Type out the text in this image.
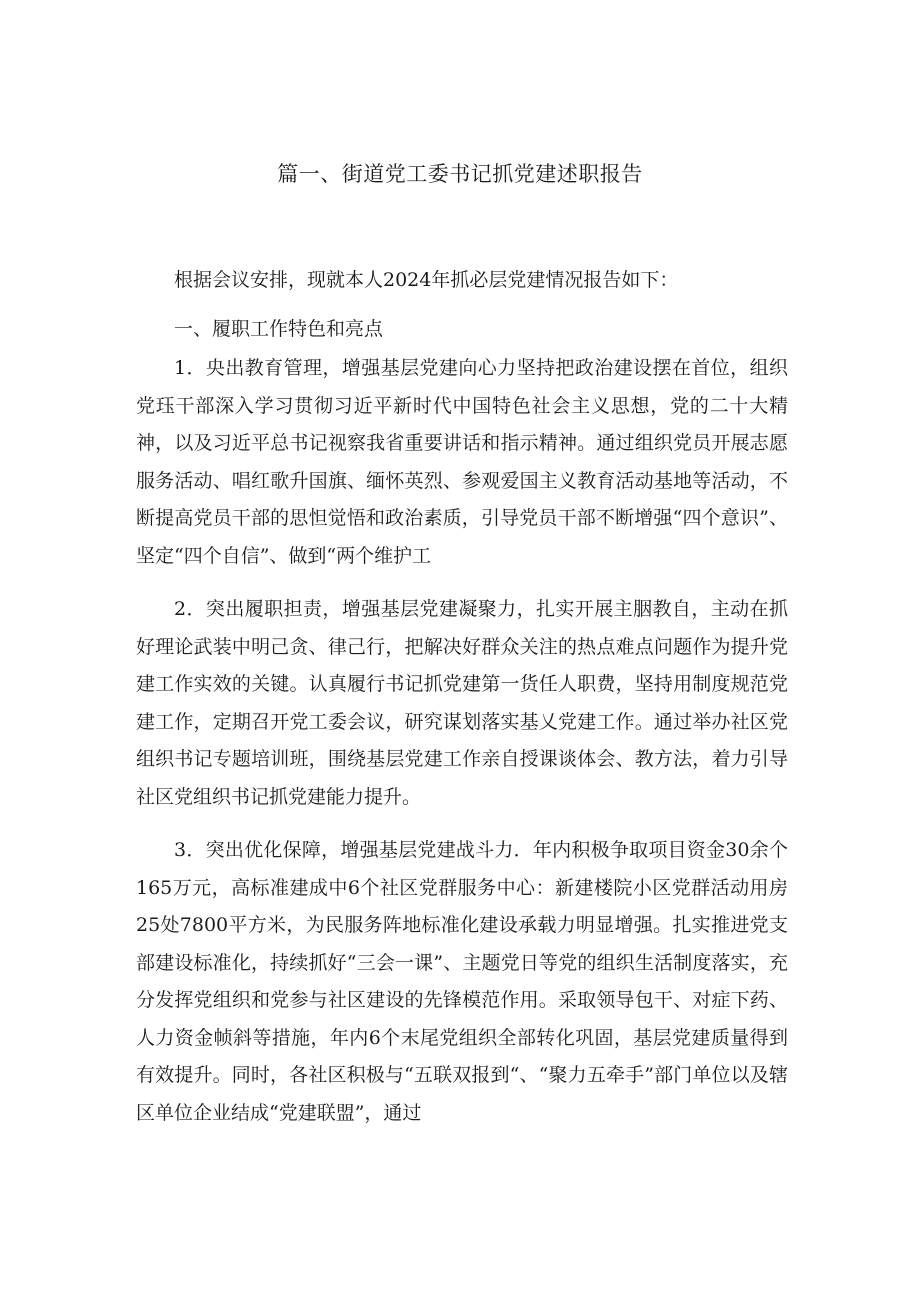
篇一、街道党工委书记抓党建述职报告

根据会议安排，现就本人2024年抓必层党建情况报告如下：

一、履职工作特色和亮点

1．央出教育管理，增强基层党建向心力坚持把政治建设摆在首位，组织党珏干部深入学习贯彻习近平新时代中国特色社会主义思想，党的二十大精神，以及习近平总书记视察我省重要讲话和指示精神。通过组织党员开展志愿服务活动、唱红歌升国旗、缅怀英烈、参观爱国主义教育活动基地等活动，不断提高党员干部的思怛觉悟和政治素质，引导党员干部不断增强“四个意识”、坚定“四个自信”、做到“两个维护工

2．突出履职担责，增强基层党建凝聚力，扎实开展主胭教自，主动在抓好理论武装中明己贪、律己行，把解决好群众关注的热点难点问题作为提升党建工作实效的关键。认真履行书记抓党建第一货任人职费，坚持用制度规范党建工作，定期召开党工委会议，研究谋划落实基乂党建工作。通过举办社区党组织书记专题培训班，围绕基层党建工作亲自授课谈体会、教方法，着力引导社区党组织书记抓党建能力提升。

3．突出优化保障，增强基层党建战斗力．年内积极争取项目资金30余个165万元，高标准建成中6个社区党群服务中心：新建楼院小区党群活动用房25处7800平方米，为民服务阵地标准化建设承载力明显增强。扎实推进党支部建设标准化，持续抓好“三会一课”、主题党日等党的组织生活制度落实，充分发挥党组织和党参与社区建设的先锋模范作用。采取领导包干、对症下药、人力资金帧斜等措施，年内6个末尾党组织全部转化巩固，基层党建质量得到有效提升。同时，各社区积极与“五联双报到“、“聚力五牵手”部门单位以及辖区单位企业结成“党建联盟”，通过
